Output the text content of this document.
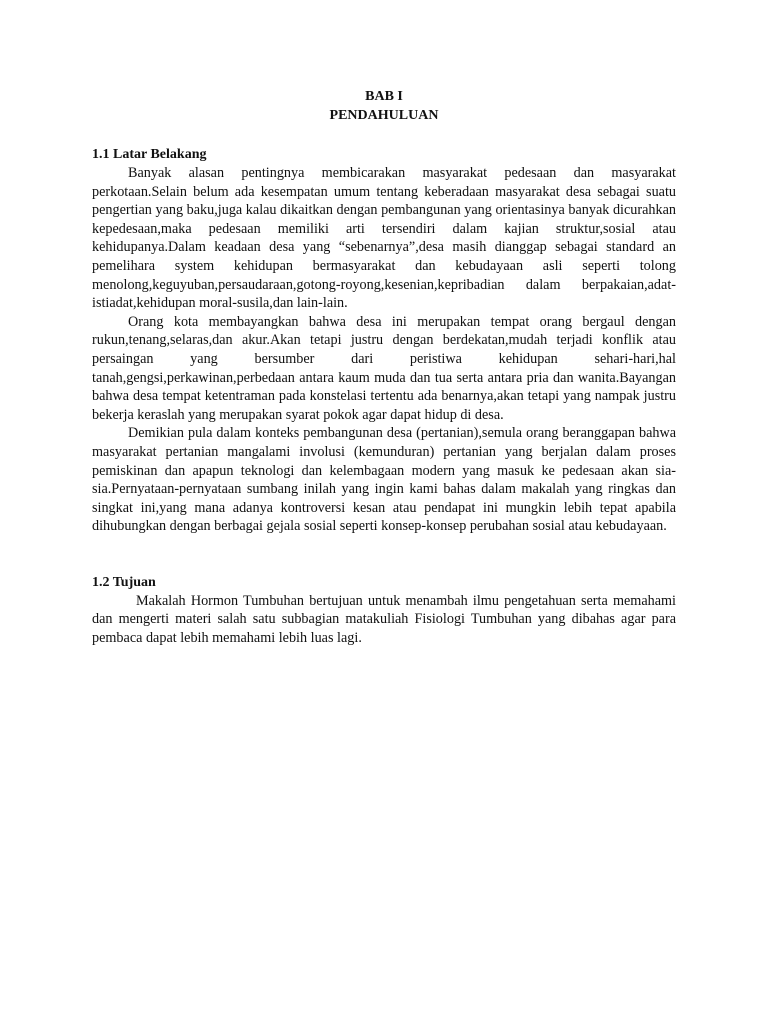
BAB I
PENDAHULUAN

1.1 Latar Belakang

Banyak alasan pentingnya membicarakan masyarakat pedesaan dan masyarakat perkotaan.Selain belum ada kesempatan umum tentang keberadaan masyarakat desa sebagai suatu pengertian yang baku,juga kalau dikaitkan dengan pembangunan yang orientasinya banyak dicurahkan kepedesaan,maka pedesaan memiliki arti tersendiri dalam kajian struktur,sosial atau kehidupanya.Dalam keadaan desa yang “sebenarnya”,desa masih dianggap sebagai standard an pemelihara system kehidupan bermasyarakat dan kebudayaan asli seperti tolong menolong,keguyuban,persaudaraan,gotong-royong,kesenian,kepribadian dalam berpakaian,adat-istiadat,kehidupan moral-susila,dan lain-lain.

Orang kota membayangkan bahwa desa ini merupakan tempat orang bergaul dengan rukun,tenang,selaras,dan akur.Akan tetapi justru dengan berdekatan,mudah terjadi konflik atau persaingan yang bersumber dari peristiwa kehidupan sehari-hari,hal tanah,gengsi,perkawinan,perbedaan antara kaum muda dan tua serta antara pria dan wanita.Bayangan bahwa desa tempat ketentraman pada konstelasi tertentu ada benarnya,akan tetapi yang nampak justru bekerja keraslah yang merupakan syarat pokok agar dapat hidup di desa.

Demikian pula dalam konteks pembangunan desa (pertanian),semula orang beranggapan bahwa masyarakat pertanian mangalami involusi (kemunduran) pertanian yang berjalan dalam proses pemiskinan dan apapun teknologi dan kelembagaan modern yang masuk ke pedesaan akan sia-sia.Pernyataan-pernyataan sumbang inilah yang ingin kami bahas dalam makalah yang ringkas dan singkat ini,yang mana adanya kontroversi kesan atau pendapat ini mungkin lebih tepat apabila dihubungkan dengan berbagai gejala sosial seperti konsep-konsep perubahan sosial atau kebudayaan.

1.2 Tujuan

Makalah Hormon Tumbuhan bertujuan untuk menambah ilmu pengetahuan serta memahami dan mengerti materi salah satu subbagian matakuliah Fisiologi Tumbuhan yang dibahas agar para pembaca dapat lebih memahami lebih luas lagi.
